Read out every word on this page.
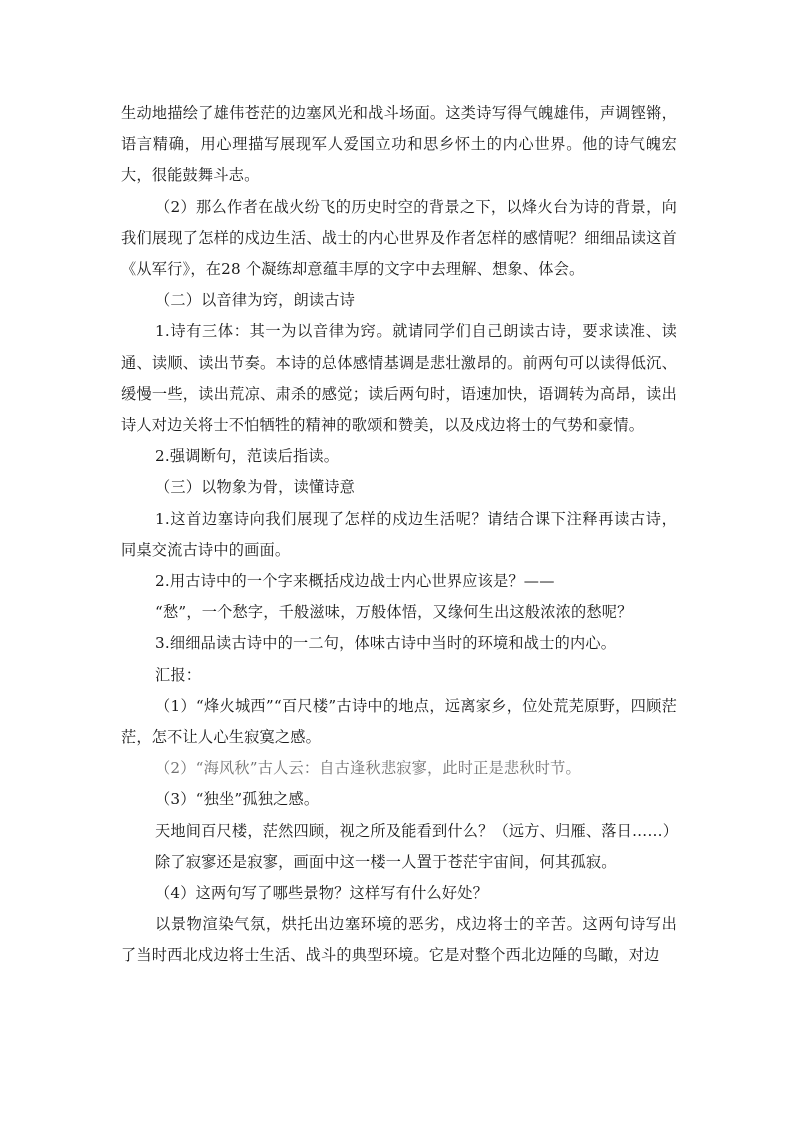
生动地描绘了雄伟苍茫的边塞风光和战斗场面。这类诗写得气魄雄伟，声调铿锵，语言精确，用心理描写展现军人爱国立功和思乡怀土的内心世界。他的诗气魄宏大，很能鼓舞斗志。

（2）那么作者在战火纷飞的历史时空的背景之下，以烽火台为诗的背景，向我们展现了怎样的戍边生活、战士的内心世界及作者怎样的感情呢？细细品读这首《从军行》，在28 个凝练却意蕴丰厚的文字中去理解、想象、体会。

（二）以音律为窍，朗读古诗

1.诗有三体：其一为以音律为窍。就请同学们自己朗读古诗，要求读准、读通、读顺、读出节奏。本诗的总体感情基调是悲壮激昂的。前两句可以读得低沉、缓慢一些，读出荒凉、肃杀的感觉；读后两句时，语速加快，语调转为高昂，读出诗人对边关将士不怕牺牲的精神的歌颂和赞美，以及戍边将士的气势和豪情。

2.强调断句，范读后指读。

（三）以物象为骨，读懂诗意

1.这首边塞诗向我们展现了怎样的戍边生活呢？请结合课下注释再读古诗，同桌交流古诗中的画面。

2.用古诗中的一个字来概括戍边战士内心世界应该是？——

“愁”，一个愁字，千般滋味，万般体悟，又缘何生出这般浓浓的愁呢？

3.细细品读古诗中的一二句，体味古诗中当时的环境和战士的内心。

汇报：

（1）“烽火城西”“百尺楼”古诗中的地点，远离家乡，位处荒芜原野，四顾茫茫，怎不让人心生寂寞之感。

（2）“海风秋”古人云：自古逢秋悲寂寥，此时正是悲秋时节。

（3）“独坐”孤独之感。

天地间百尺楼，茫然四顾，视之所及能看到什么？（远方、归雁、落日……）

除了寂寥还是寂寥，画面中这一楼一人置于苍茫宇宙间，何其孤寂。

（4）这两句写了哪些景物？这样写有什么好处？

以景物渲染气氛，烘托出边塞环境的恶劣，戍边将士的辛苦。这两句诗写出了当时西北戍边将士生活、战斗的典型环境。它是对整个西北边陲的鸟瞰，对边
